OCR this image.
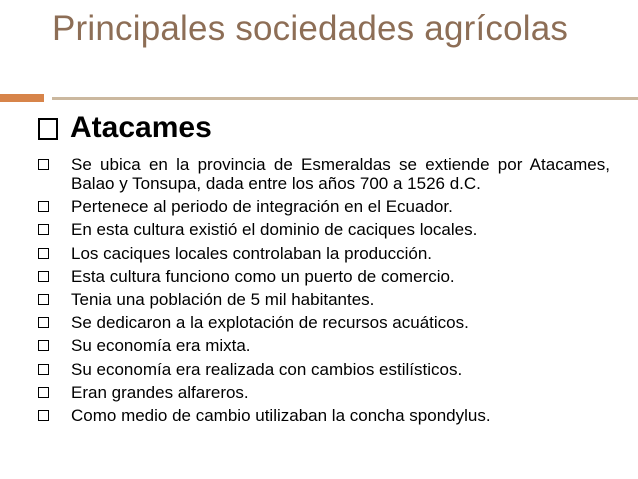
Principales sociedades agrícolas
Atacames
Se ubica en la provincia de Esmeraldas se extiende por Atacames, Balao y Tonsupa, dada entre los años 700 a 1526 d.C.
Pertenece al periodo de integración en el Ecuador.
En esta cultura existió el dominio de caciques locales.
Los caciques locales controlaban la producción.
Esta cultura funciono como un puerto de comercio.
Tenia una población de 5 mil habitantes.
Se dedicaron a la explotación de recursos acuáticos.
Su economía era mixta.
Su economía era realizada con cambios estilísticos.
Eran grandes alfareros.
Como medio de cambio utilizaban la concha spondylus.
